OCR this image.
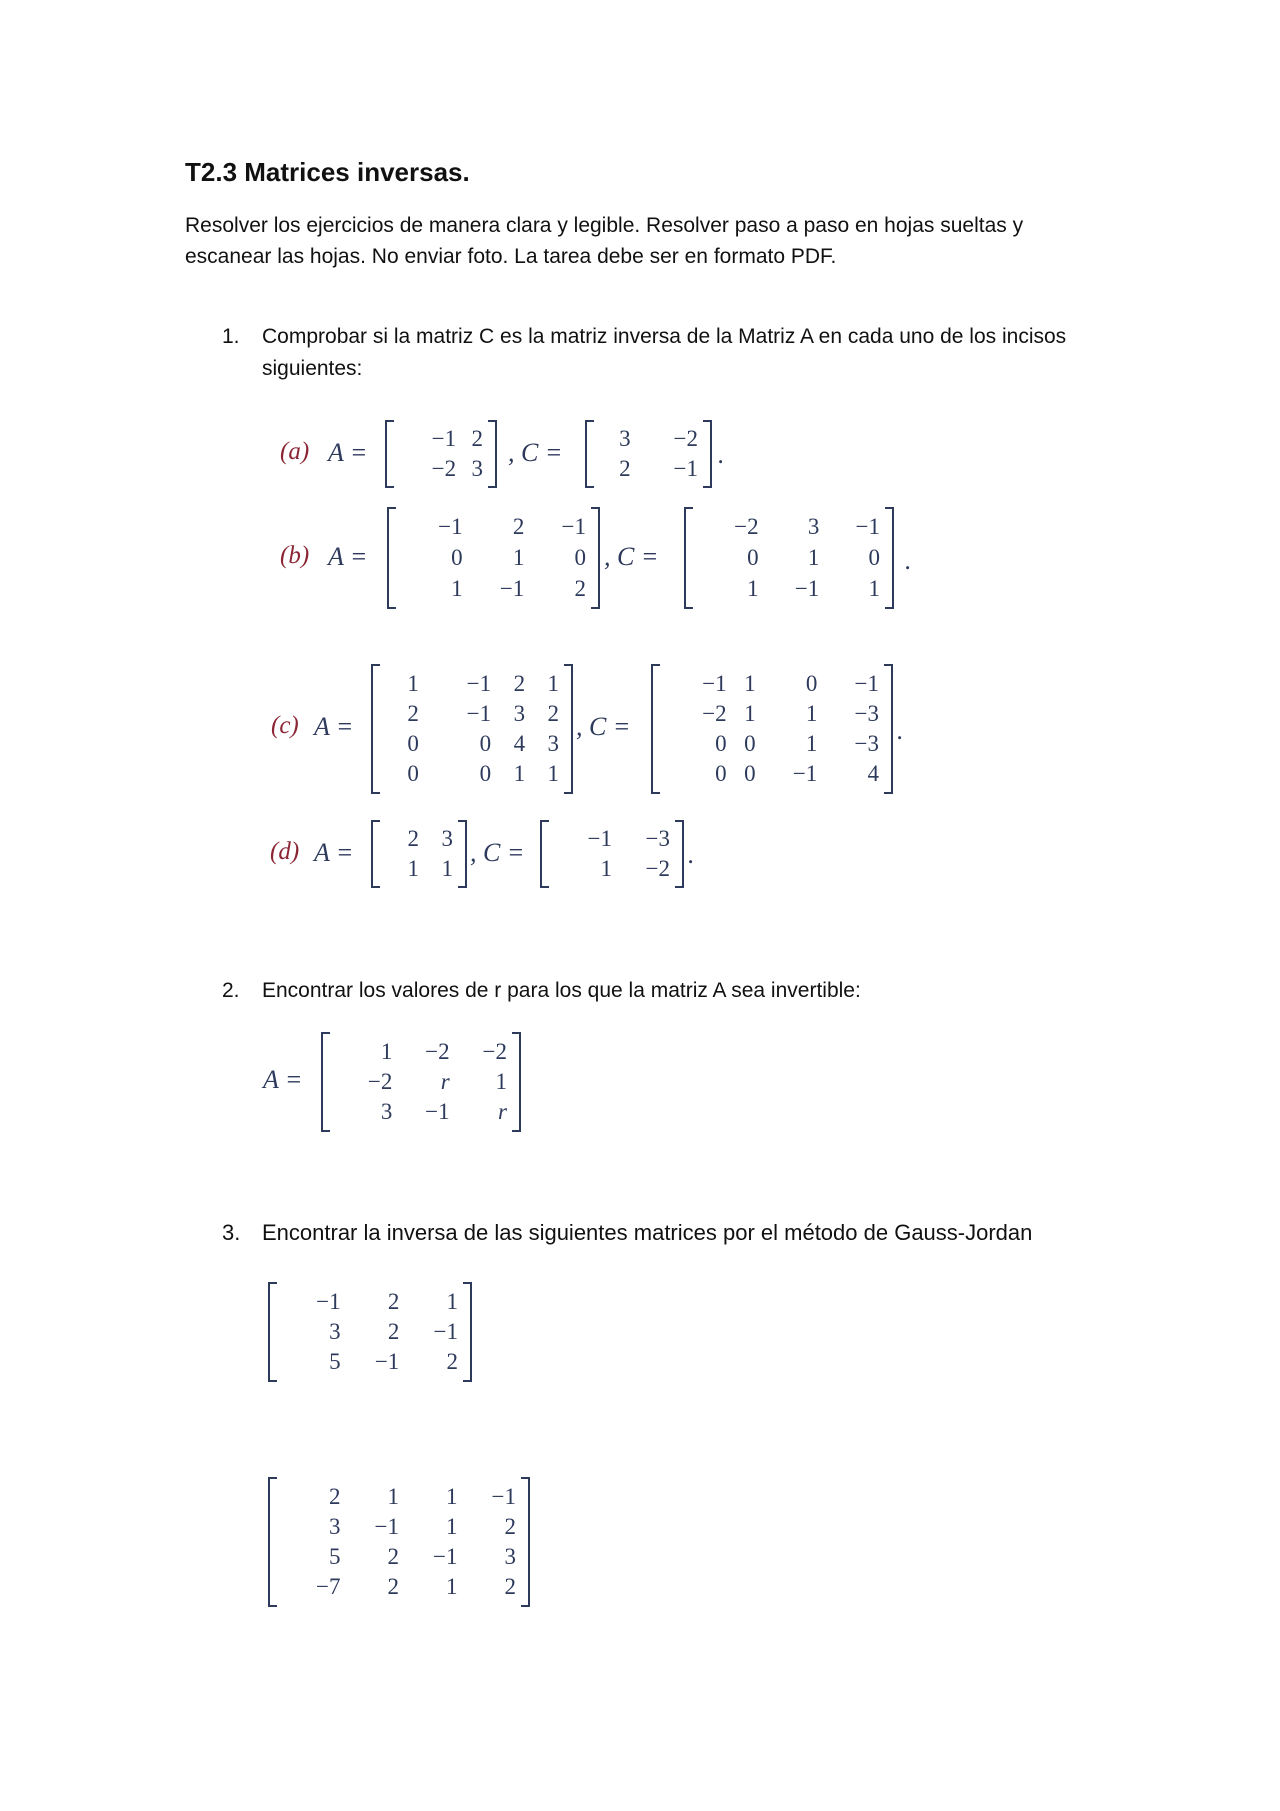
T2.3 Matrices inversas.
Resolver los ejercicios de manera clara y legible. Resolver paso a paso en hojas sueltas y
escanear las hojas. No enviar foto. La tarea debe ser en formato PDF.
1. Comprobar si la matriz C es la matriz inversa de la Matriz A en cada uno de los incisos
siguientes:
(a) A =	−1	2
−2	3
, C = 3	−2
2	−1 .
(b) A =
−1	2	−1
0	1	0
1	−1	2
, C =
−2	3	−1
0	1	0
1	−1	1
.
(c) A =
1	−1	2	1
2	−1	3	2
0	0	4	3
0	0	1	1
, C =
−1	1	0	−1
−2	1	1	−3
0	0	1	−3
0	0	−1	4
.
(d) A = 2	3
1	1
, C =	−1	−3
1	−2 .
2. Encontrar los valores de r para los que la matriz A sea invertible:
A =
1	−2	−2
−2	r	1
3	−1	r
3. Encontrar la inversa de las siguientes matrices por el método de Gauss-Jordan
−1	2	1
3	2	−1
5	−1	2
2	1	1	−1
3	−1	1	2
5	2	−1	3
−7	2	1	2
